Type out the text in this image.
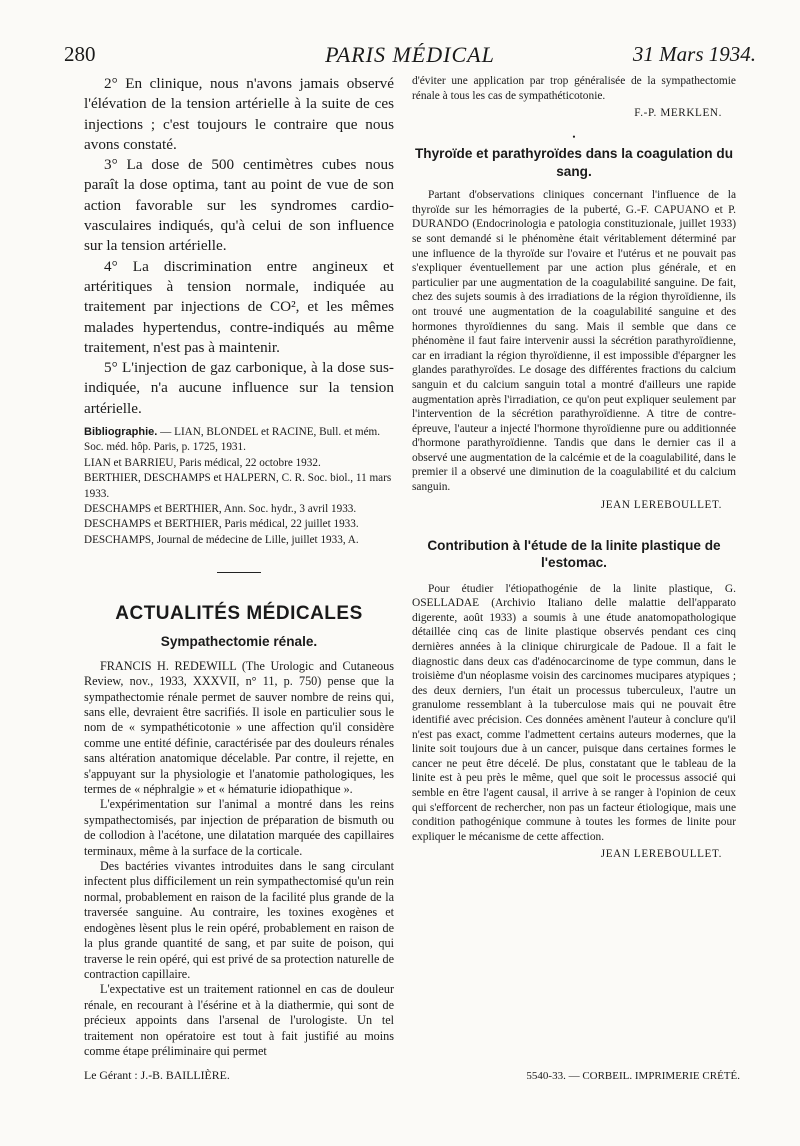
280	PARIS MÉDICAL	31 Mars 1934.

2° En clinique, nous n'avons jamais observé l'élévation de la tension artérielle à la suite de ces injections ; c'est toujours le contraire que nous avons constaté.

3° La dose de 500 centimètres cubes nous paraît la dose optima, tant au point de vue de son action favorable sur les syndromes cardio-vasculaires indiqués, qu'à celui de son influence sur la tension artérielle.

4° La discrimination entre angineux et artéritiques à tension normale, indiquée au traitement par injections de CO², et les mêmes malades hypertendus, contre-indiqués au même traitement, n'est pas à maintenir.

5° L'injection de gaz carbonique, à la dose sus-indiquée, n'a aucune influence sur la tension artérielle.

Bibliographie. — LIAN, BLONDEL et RACINE, Bull. et mém. Soc. méd. hôp. Paris, p. 1725, 1931.
LIAN et BARRIEU, Paris médical, 22 octobre 1932.
BERTHIER, DESCHAMPS et HALPERN, C. R. Soc. biol., 11 mars 1933.
DESCHAMPS et BERTHIER, Ann. Soc. hydr., 3 avril 1933.
DESCHAMPS et BERTHIER, Paris médical, 22 juillet 1933.
DESCHAMPS, Journal de médecine de Lille, juillet 1933, A.
ACTUALITÉS MÉDICALES
Sympathectomie rénale.

FRANCIS H. REDEWILL (The Urologic and Cutaneous Review, nov., 1933, XXXVII, n° 11, p. 750) pense que la sympathectomie rénale permet de sauver nombre de reins qui, sans elle, devraient être sacrifiés. Il isole en particulier sous le nom de « sympathéticotonie » une affection qu'il considère comme une entité définie, caractérisée par des douleurs rénales sans altération anatomique décelable. Par contre, il rejette, en s'appuyant sur la physiologie et l'anatomie pathologiques, les termes de « néphralgie » et « hématurie idiopathique ».

L'expérimentation sur l'animal a montré dans les reins sympathectomisés, par injection de préparation de bismuth ou de collodion à l'acétone, une dilatation marquée des capillaires terminaux, même à la surface de la corticale.

Des bactéries vivantes introduites dans le sang circulant infectent plus difficilement un rein sympathectomisé qu'un rein normal, probablement en raison de la facilité plus grande de la traversée sanguine. Au contraire, les toxines exogènes et endogènes lèsent plus le rein opéré, probablement en raison de la plus grande quantité de sang, et par suite de poison, qui traverse le rein opéré, qui est privé de sa protection naturelle de contraction capillaire.

L'expectative est un traitement rationnel en cas de douleur rénale, en recourant à l'ésérine et à la diathermie, qui sont de précieux appoints dans l'arsenal de l'urologiste. Un tel traitement non opératoire est tout à fait justifié au moins comme étape préliminaire qui permet

d'éviter une application par trop généralisée de la sympathectomie rénale à tous les cas de sympathéticotonie.

F.-P. MERKLEN.
•
Thyroïde et parathyroïdes dans la coagulation du sang.

Partant d'observations cliniques concernant l'influence de la thyroïde sur les hémorragies de la puberté, G.-F. CAPUANO et P. DURANDO (Endocrinologia e patologia constituzionale, juillet 1933) se sont demandé si le phénomène était véritablement déterminé par une influence de la thyroïde sur l'ovaire et l'utérus et ne pouvait pas s'expliquer éventuellement par une action plus générale, et en particulier par une augmentation de la coagulabilité sanguine. De fait, chez des sujets soumis à des irradiations de la région thyroïdienne, ils ont trouvé une augmentation de la coagulabilité sanguine et des hormones thyroïdiennes du sang. Mais il semble que dans ce phénomène il faut faire intervenir aussi la sécrétion parathyroïdienne, car en irradiant la région thyroïdienne, il est impossible d'épargner les glandes parathyroïdes. Le dosage des différentes fractions du calcium sanguin et du calcium sanguin total a montré d'ailleurs une rapide augmentation après l'irradiation, ce qu'on peut expliquer seulement par l'intervention de la sécrétion parathyroïdienne. A titre de contre-épreuve, l'auteur a injecté l'hormone thyroïdienne pure ou additionnée d'hormone parathyroïdienne. Tandis que dans le dernier cas il a observé une augmentation de la calcémie et de la coagulabilité, dans le premier il a observé une diminution de la coagulabilité et du calcium sanguin.

JEAN LEREBOULLET.
Contribution à l'étude de la linite plastique de l'estomac.

Pour étudier l'étiopathogénie de la linite plastique, G. OSELLADAE (Archivio Italiano delle malattie dell'apparato digerente, août 1933) a soumis à une étude anatomopathologique détaillée cinq cas de linite plastique observés pendant ces cinq dernières années à la clinique chirurgicale de Padoue. Il a fait le diagnostic dans deux cas d'adénocarcinome de type commun, dans le troisième d'un néoplasme voisin des carcinomes mucipares atypiques ; des deux derniers, l'un était un processus tuberculeux, l'autre un granulome ressemblant à la tuberculose mais qui ne pouvait être identifié avec précision. Ces données amènent l'auteur à conclure qu'il n'est pas exact, comme l'admettent certains auteurs modernes, que la linite soit toujours due à un cancer, puisque dans certaines formes le cancer ne peut être décelé. De plus, constatant que le tableau de la linite est à peu près le même, quel que soit le processus associé qui semble en être l'agent causal, il arrive à se ranger à l'opinion de ceux qui s'efforcent de rechercher, non pas un facteur étiologique, mais une condition pathogénique commune à toutes les formes de linite pour expliquer le mécanisme de cette affection.

JEAN LEREBOULLET.
Le Gérant : J.-B. BAILLIÈRE.	5540-33. — CORBEIL. IMPRIMERIE CRÉTÉ.
